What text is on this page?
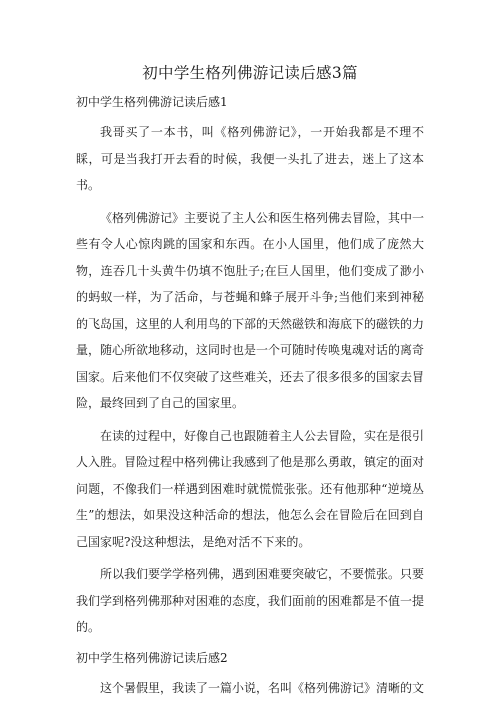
初中学生格列佛游记读后感3篇
初中学生格列佛游记读后感1

我哥买了一本书，叫《格列佛游记》，一开始我都是不理不睬，可是当我打开去看的时候，我便一头扎了进去，迷上了这本书。

《格列佛游记》主要说了主人公和医生格列佛去冒险，其中一些有令人心惊肉跳的国家和东西。在小人国里，他们成了庞然大物，连吞几十头黄牛仍填不饱肚子;在巨人国里，他们变成了渺小的蚂蚁一样，为了活命，与苍蝇和蜂子展开斗争;当他们来到神秘的飞岛国，这里的人利用鸟的下部的天然磁铁和海底下的磁铁的力量，随心所欲地移动，这同时也是一个可随时传唤鬼魂对话的离奇国家。后来他们不仅突破了这些难关，还去了很多很多的国家去冒险，最终回到了自己的国家里。

在读的过程中，好像自己也跟随着主人公去冒险，实在是很引人入胜。冒险过程中格列佛让我感到了他是那么勇敢，镇定的面对问题，不像我们一样遇到困难时就慌慌张张。还有他那种“逆境丛生”的想法，如果没这种活命的想法，他怎么会在冒险后在回到自己国家呢?没这种想法，是绝对活不下来的。

所以我们要学学格列佛，遇到困难要突破它，不要慌张。只要我们学到格列佛那种对困难的态度，我们面前的困难都是不值一提的。

初中学生格列佛游记读后感2

这个暑假里，我读了一篇小说，名叫《格列佛游记》清晰的文
